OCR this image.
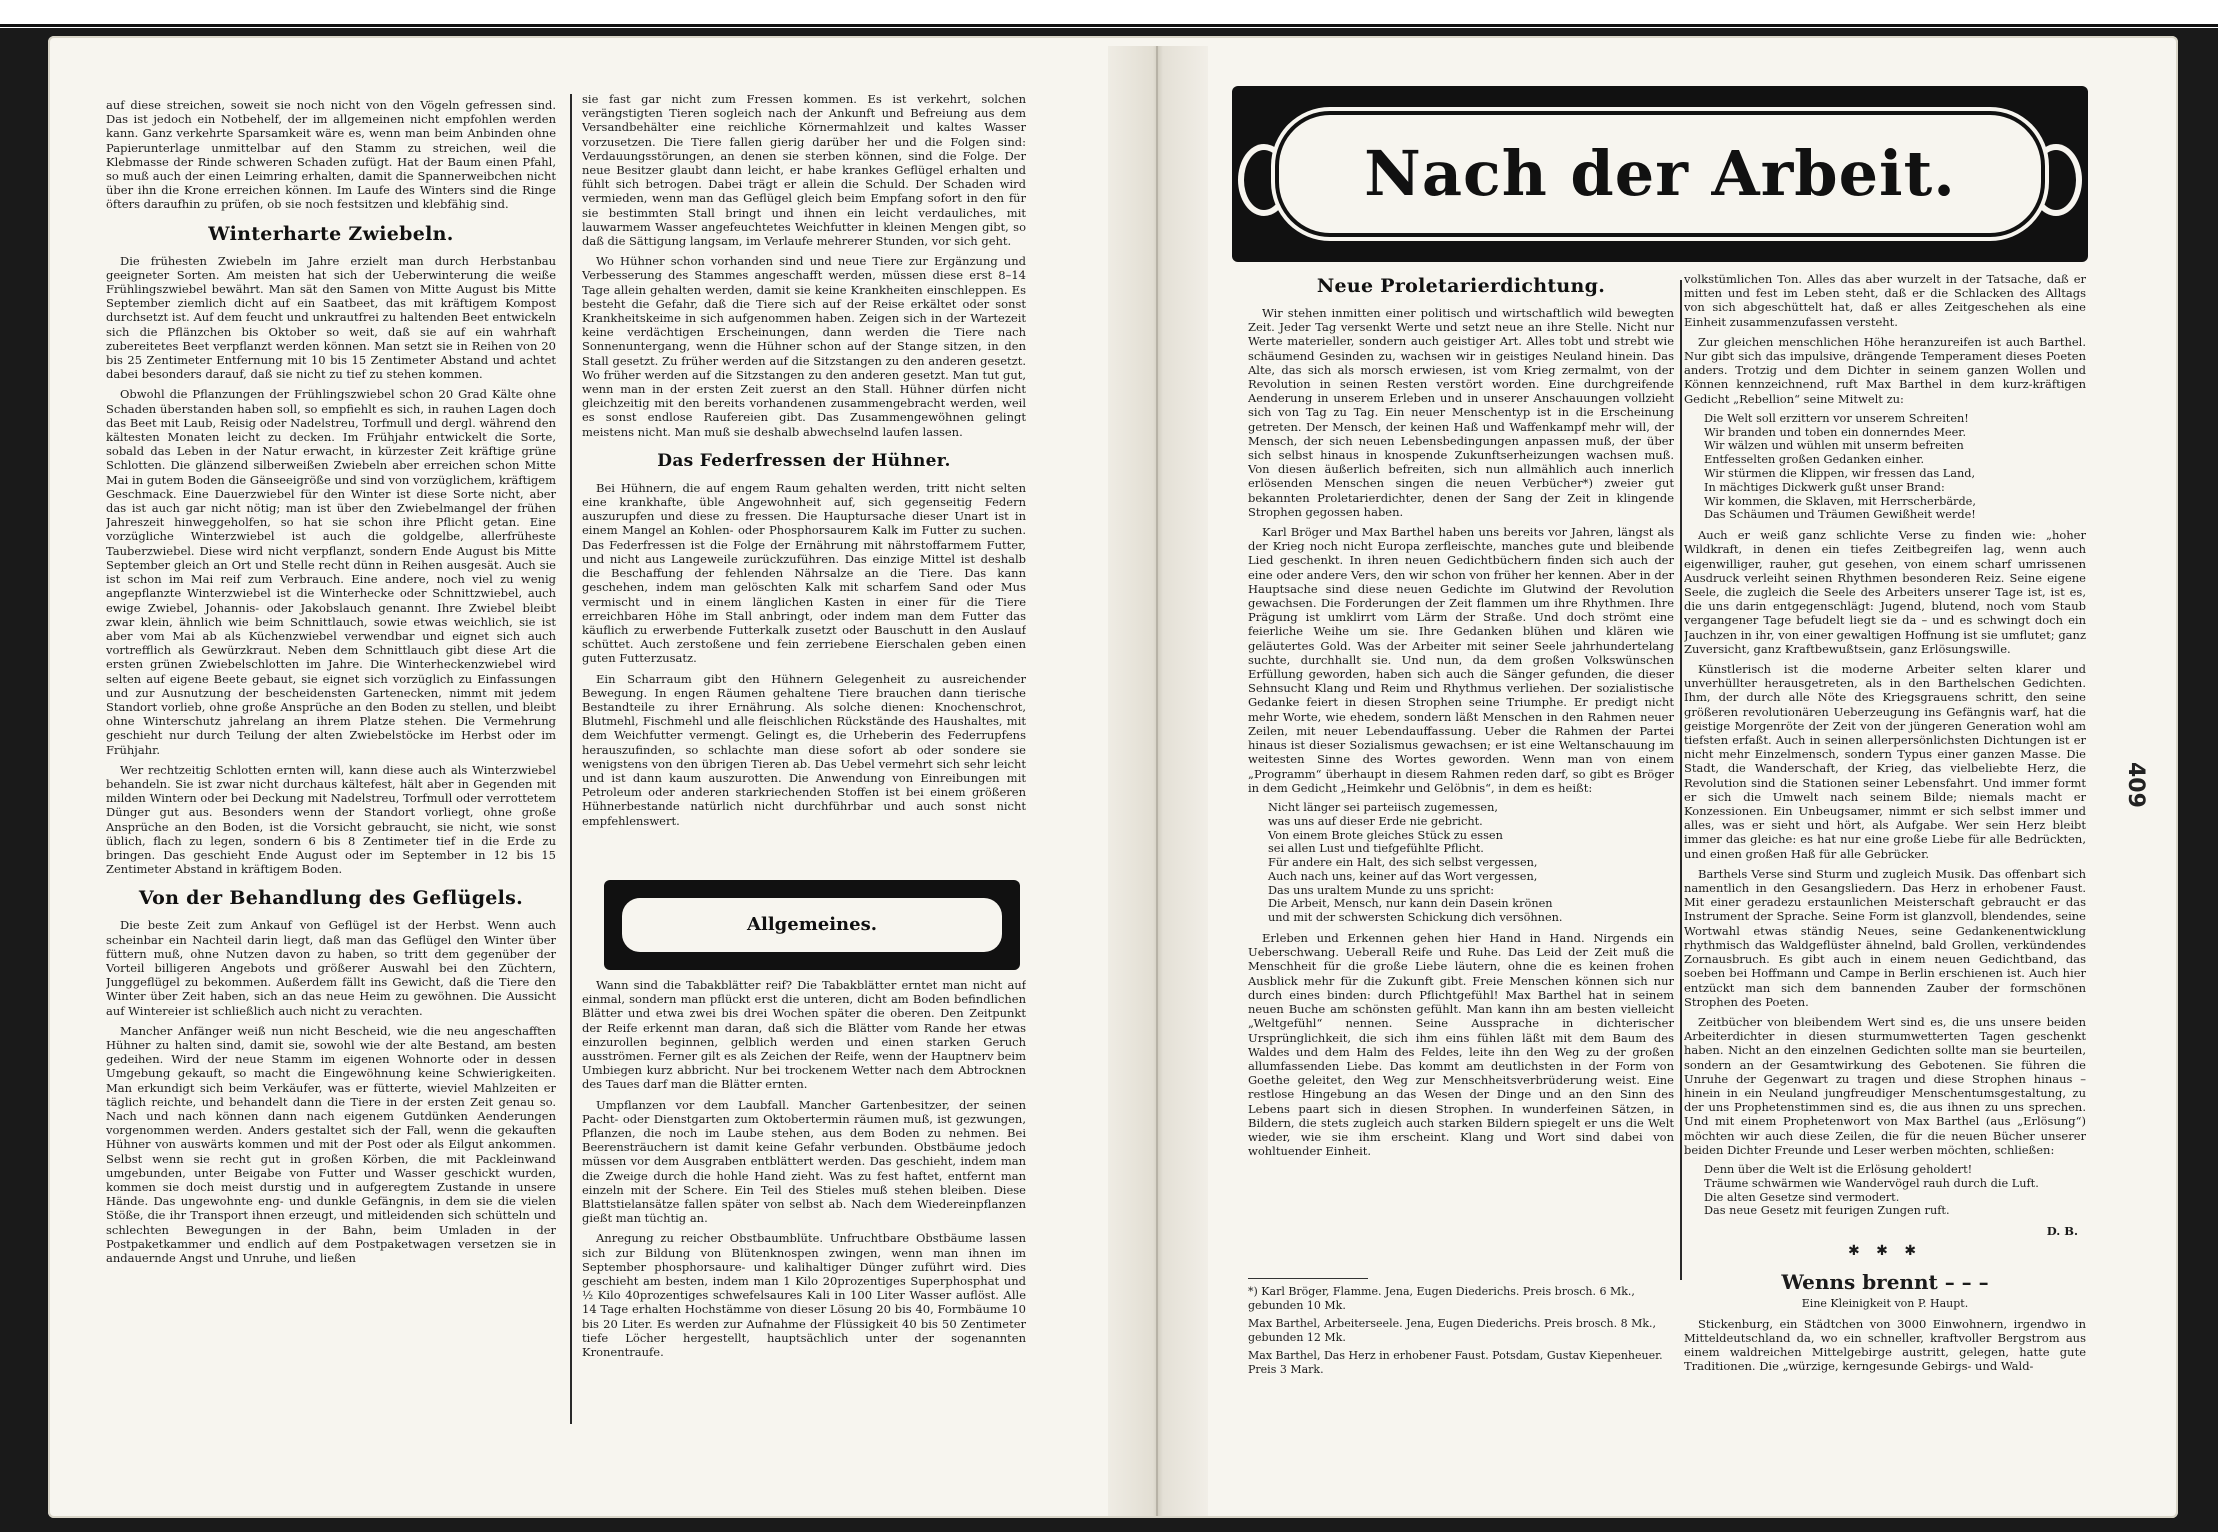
auf diese streichen, soweit sie noch nicht von den Vögeln gefressen sind. Das ist jedoch ein Notbehelf, der im allgemeinen nicht empfohlen werden kann. Ganz verkehrte Sparsamkeit wäre es, wenn man beim Anbinden ohne Papierunterlage unmittelbar auf den Stamm zu streichen, weil die Klebmasse der Rinde schweren Schaden zufügt. Hat der Baum einen Pfahl, so muß auch der einen Leimring erhalten, damit die Spannerweibchen nicht über ihn die Krone erreichen können. Im Laufe des Winters sind die Ringe öfters daraufhin zu prüfen, ob sie noch festsitzen und klebfähig sind.

Winterharte Zwiebeln.

Die frühesten Zwiebeln im Jahre erzielt man durch Herbstanbau geeigneter Sorten. Am meisten hat sich der Ueberwinterung die weiße Frühlingszwiebel bewährt. Man sät den Samen von Mitte August bis Mitte September ziemlich dicht auf ein Saatbeet, das mit kräftigem Kompost durchsetzt ist. Auf dem feucht und unkrautfrei zu haltenden Beet entwickeln sich die Pflänzchen bis Oktober so weit, daß sie auf ein wahrhaft zubereitetes Beet verpflanzt werden können. Man setzt sie in Reihen von 20 bis 25 Zentimeter Entfernung mit 10 bis 15 Zentimeter Abstand und achtet dabei besonders darauf, daß sie nicht zu tief zu stehen kommen.

Obwohl die Pflanzungen der Frühlingszwiebel schon 20 Grad Kälte ohne Schaden überstanden haben soll, so empfiehlt es sich, in rauhen Lagen doch das Beet mit Laub, Reisig oder Nadelstreu, Torfmull und dergl. während den kältesten Monaten leicht zu decken. Im Frühjahr entwickelt die Sorte, sobald das Leben in der Natur erwacht, in kürzester Zeit kräftige grüne Schlotten. Die glänzend silberweißen Zwiebeln aber erreichen schon Mitte Mai in gutem Boden die Gänseeigröße und sind von vorzüglichem, kräftigem Geschmack. Eine Dauerzwiebel für den Winter ist diese Sorte nicht, aber das ist auch gar nicht nötig; man ist über den Zwiebelmangel der frühen Jahreszeit hinweggeholfen, so hat sie schon ihre Pflicht getan. Eine vorzügliche Winterzwiebel ist auch die goldgelbe, allerfrüheste Tauberzwiebel. Diese wird nicht verpflanzt, sondern Ende August bis Mitte September gleich an Ort und Stelle recht dünn in Reihen ausgesät. Auch sie ist schon im Mai reif zum Verbrauch. Eine andere, noch viel zu wenig angepflanzte Winterzwiebel ist die Winterhecke oder Schnittzwiebel, auch ewige Zwiebel, Johannis- oder Jakobslauch genannt. Ihre Zwiebel bleibt zwar klein, ähnlich wie beim Schnittlauch, sowie etwas weichlich, sie ist aber vom Mai ab als Küchenzwiebel verwendbar und eignet sich auch vortrefflich als Gewürzkraut. Neben dem Schnittlauch gibt diese Art die ersten grünen Zwiebelschlotten im Jahre. Die Winterheckenzwiebel wird selten auf eigene Beete gebaut, sie eignet sich vorzüglich zu Einfassungen und zur Ausnutzung der bescheidensten Gartenecken, nimmt mit jedem Standort vorlieb, ohne große Ansprüche an den Boden zu stellen, und bleibt ohne Winterschutz jahrelang an ihrem Platze stehen. Die Vermehrung geschieht nur durch Teilung der alten Zwiebelstöcke im Herbst oder im Frühjahr.

Wer rechtzeitig Schlotten ernten will, kann diese auch als Winterzwiebel behandeln. Sie ist zwar nicht durchaus kältefest, hält aber in Gegenden mit milden Wintern oder bei Deckung mit Nadelstreu, Torfmull oder verrottetem Dünger gut aus. Besonders wenn der Standort vorliegt, ohne große Ansprüche an den Boden, ist die Vorsicht gebraucht, sie nicht, wie sonst üblich, flach zu legen, sondern 6 bis 8 Zentimeter tief in die Erde zu bringen. Das geschieht Ende August oder im September in 12 bis 15 Zentimeter Abstand in kräftigem Boden.

Von der Behandlung des Geflügels.

Die beste Zeit zum Ankauf von Geflügel ist der Herbst. Wenn auch scheinbar ein Nachteil darin liegt, daß man das Geflügel den Winter über füttern muß, ohne Nutzen davon zu haben, so tritt dem gegenüber der Vorteil billigeren Angebots und größerer Auswahl bei den Züchtern, Junggeflügel zu bekommen. Außerdem fällt ins Gewicht, daß die Tiere den Winter über Zeit haben, sich an das neue Heim zu gewöhnen. Die Aussicht auf Wintereier ist schließlich auch nicht zu verachten.

Mancher Anfänger weiß nun nicht Bescheid, wie die neu angeschafften Hühner zu halten sind, damit sie, sowohl wie der alte Bestand, am besten gedeihen. Wird der neue Stamm im eigenen Wohnorte oder in dessen Umgebung gekauft, so macht die Eingewöhnung keine Schwierigkeiten. Man erkundigt sich beim Verkäufer, was er fütterte, wieviel Mahlzeiten er täglich reichte, und behandelt dann die Tiere in der ersten Zeit genau so. Nach und nach können dann nach eigenem Gutdünken Aenderungen vorgenommen werden. Anders gestaltet sich der Fall, wenn die gekauften Hühner von auswärts kommen und mit der Post oder als Eilgut ankommen. Selbst wenn sie recht gut in großen Körben, die mit Packleinwand umgebunden, unter Beigabe von Futter und Wasser geschickt wurden, kommen sie doch meist durstig und in aufgeregtem Zustande in unsere Hände. Das ungewohnte eng- und dunkle Gefängnis, in dem sie die vielen Stöße, die ihr Transport ihnen erzeugt, und mitleidenden sich schütteln und schlechten Bewegungen in der Bahn, beim Umladen in der Postpaketkammer und endlich auf dem Postpaketwagen versetzen sie in andauernde Angst und Unruhe, und ließen

sie fast gar nicht zum Fressen kommen. Es ist verkehrt, solchen verängstigten Tieren sogleich nach der Ankunft und Befreiung aus dem Versandbehälter eine reichliche Körnermahlzeit und kaltes Wasser vorzusetzen. Die Tiere fallen gierig darüber her und die Folgen sind: Verdauungsstörungen, an denen sie sterben können, sind die Folge. Der neue Besitzer glaubt dann leicht, er habe krankes Geflügel erhalten und fühlt sich betrogen. Dabei trägt er allein die Schuld. Der Schaden wird vermieden, wenn man das Geflügel gleich beim Empfang sofort in den für sie bestimmten Stall bringt und ihnen ein leicht verdauliches, mit lauwarmem Wasser angefeuchtetes Weichfutter in kleinen Mengen gibt, so daß die Sättigung langsam, im Verlaufe mehrerer Stunden, vor sich geht.

Wo Hühner schon vorhanden sind und neue Tiere zur Ergänzung und Verbesserung des Stammes angeschafft werden, müssen diese erst 8–14 Tage allein gehalten werden, damit sie keine Krankheiten einschleppen. Es besteht die Gefahr, daß die Tiere sich auf der Reise erkältet oder sonst Krankheitskeime in sich aufgenommen haben. Zeigen sich in der Wartezeit keine verdächtigen Erscheinungen, dann werden die Tiere nach Sonnenuntergang, wenn die Hühner schon auf der Stange sitzen, in den Stall gesetzt. Zu früher werden auf die Sitzstangen zu den anderen gesetzt. Wo früher werden auf die Sitzstangen zu den anderen gesetzt. Man tut gut, wenn man in der ersten Zeit zuerst an den Stall. Hühner dürfen nicht gleichzeitig mit den bereits vorhandenen zusammengebracht werden, weil es sonst endlose Raufereien gibt. Das Zusammengewöhnen gelingt meistens nicht. Man muß sie deshalb abwechselnd laufen lassen.

Das Federfressen der Hühner.

Bei Hühnern, die auf engem Raum gehalten werden, tritt nicht selten eine krankhafte, üble Angewohnheit auf, sich gegenseitig Federn auszurupfen und diese zu fressen. Die Hauptursache dieser Unart ist in einem Mangel an Kohlen- oder Phosphorsaurem Kalk im Futter zu suchen. Das Federfressen ist die Folge der Ernährung mit nährstoffarmem Futter, und nicht aus Langeweile zurückzuführen. Das einzige Mittel ist deshalb die Beschaffung der fehlenden Nährsalze an die Tiere. Das kann geschehen, indem man gelöschten Kalk mit scharfem Sand oder Mus vermischt und in einem länglichen Kasten in einer für die Tiere erreichbaren Höhe im Stall anbringt, oder indem man dem Futter das käuflich zu erwerbende Futterkalk zusetzt oder Bauschutt in den Auslauf schüttet. Auch zerstoßene und fein zerriebene Eierschalen geben einen guten Futterzusatz.

Ein Scharraum gibt den Hühnern Gelegenheit zu ausreichender Bewegung. In engen Räumen gehaltene Tiere brauchen dann tierische Bestandteile zu ihrer Ernährung. Als solche dienen: Knochenschrot, Blutmehl, Fischmehl und alle fleischlichen Rückstände des Haushaltes, mit dem Weichfutter vermengt. Gelingt es, die Urheberin des Federrupfens herauszufinden, so schlachte man diese sofort ab oder sondere sie wenigstens von den übrigen Tieren ab. Das Uebel vermehrt sich sehr leicht und ist dann kaum auszurotten. Die Anwendung von Einreibungen mit Petroleum oder anderen starkriechenden Stoffen ist bei einem größeren Hühnerbestande natürlich nicht durchführbar und auch sonst nicht empfehlenswert.

Allgemeines.

Wann sind die Tabakblätter reif? Die Tabakblätter erntet man nicht auf einmal, sondern man pflückt erst die unteren, dicht am Boden befindlichen Blätter und etwa zwei bis drei Wochen später die oberen. Den Zeitpunkt der Reife erkennt man daran, daß sich die Blätter vom Rande her etwas einzurollen beginnen, gelblich werden und einen starken Geruch ausströmen. Ferner gilt es als Zeichen der Reife, wenn der Hauptnerv beim Umbiegen kurz abbricht. Nur bei trockenem Wetter nach dem Abtrocknen des Taues darf man die Blätter ernten.

Umpflanzen vor dem Laubfall. Mancher Gartenbesitzer, der seinen Pacht- oder Dienstgarten zum Oktobertermin räumen muß, ist gezwungen, Pflanzen, die noch im Laube stehen, aus dem Boden zu nehmen. Bei Beerensträuchern ist damit keine Gefahr verbunden. Obstbäume jedoch müssen vor dem Ausgraben entblättert werden. Das geschieht, indem man die Zweige durch die hohle Hand zieht. Was zu fest haftet, entfernt man einzeln mit der Schere. Ein Teil des Stieles muß stehen bleiben. Diese Blattstielansätze fallen später von selbst ab. Nach dem Wiedereinpflanzen gießt man tüchtig an.

Anregung zu reicher Obstbaumblüte. Unfruchtbare Obstbäume lassen sich zur Bildung von Blütenknospen zwingen, wenn man ihnen im September phosphorsaure- und kalihaltiger Dünger zuführt wird. Dies geschieht am besten, indem man 1 Kilo 20prozentiges Superphosphat und ½ Kilo 40prozentiges schwefelsaures Kali in 100 Liter Wasser auflöst. Alle 14 Tage erhalten Hochstämme von dieser Lösung 20 bis 40, Formbäume 10 bis 20 Liter. Es werden zur Aufnahme der Flüssigkeit 40 bis 50 Zentimeter tiefe Löcher hergestellt, hauptsächlich unter der sogenannten Kronentraufe.

Nach der Arbeit.
Neue Proletarierdichtung.

Wir stehen inmitten einer politisch und wirtschaftlich wild bewegten Zeit. Jeder Tag versenkt Werte und setzt neue an ihre Stelle. Nicht nur Werte materieller, sondern auch geistiger Art. Alles tobt und strebt wie schäumend Gesinden zu, wachsen wir in geistiges Neuland hinein. Das Alte, das sich als morsch erwiesen, ist vom Krieg zermalmt, von der Revolution in seinen Resten verstört worden. Eine durchgreifende Aenderung in unserem Erleben und in unserer Anschauungen vollzieht sich von Tag zu Tag. Ein neuer Menschentyp ist in die Erscheinung getreten. Der Mensch, der keinen Haß und Waffenkampf mehr will, der Mensch, der sich neuen Lebensbedingungen anpassen muß, der über sich selbst hinaus in knospende Zukunftserheizungen wachsen muß. Von diesen äußerlich befreiten, sich nun allmählich auch innerlich erlösenden Menschen singen die neuen Verbücher*) zweier gut bekannten Proletarierdichter, denen der Sang der Zeit in klingende Strophen gegossen haben.

Karl Bröger und Max Barthel haben uns bereits vor Jahren, längst als der Krieg noch nicht Europa zerfleischte, manches gute und bleibende Lied geschenkt. In ihren neuen Gedichtbüchern finden sich auch der eine oder andere Vers, den wir schon von früher her kennen. Aber in der Hauptsache sind diese neuen Gedichte im Glutwind der Revolution gewachsen. Die Forderungen der Zeit flammen um ihre Rhythmen. Ihre Prägung ist umklirrt vom Lärm der Straße. Und doch strömt eine feierliche Weihe um sie. Ihre Gedanken blühen und klären wie geläutertes Gold. Was der Arbeiter mit seiner Seele jahrhundertelang suchte, durchhallt sie. Und nun, da dem großen Volkswünschen Erfüllung geworden, haben sich auch die Sänger gefunden, die dieser Sehnsucht Klang und Reim und Rhythmus verliehen. Der sozialistische Gedanke feiert in diesen Strophen seine Triumphe. Er predigt nicht mehr Worte, wie ehedem, sondern läßt Menschen in den Rahmen neuer Zeilen, mit neuer Lebendauffassung. Ueber die Rahmen der Partei hinaus ist dieser Sozialismus gewachsen; er ist eine Weltanschauung im weitesten Sinne des Wortes geworden. Wenn man von einem „Programm“ überhaupt in diesem Rahmen reden darf, so gibt es Bröger in dem Gedicht „Heimkehr und Gelöbnis“, in dem es heißt:

Nicht länger sei parteiisch zugemessen,
was uns auf dieser Erde nie gebricht.
Von einem Brote gleiches Stück zu essen
sei allen Lust und tiefgefühlte Pflicht.
Für andere ein Halt, des sich selbst vergessen,
Auch nach uns, keiner auf das Wort vergessen,
Das uns uraltem Munde zu uns spricht:
Die Arbeit, Mensch, nur kann dein Dasein krönen
und mit der schwersten Schickung dich versöhnen.

Erleben und Erkennen gehen hier Hand in Hand. Nirgends ein Ueberschwang. Ueberall Reife und Ruhe. Das Leid der Zeit muß die Menschheit für die große Liebe läutern, ohne die es keinen frohen Ausblick mehr für die Zukunft gibt. Freie Menschen können sich nur durch eines binden: durch Pflichtgefühl! Max Barthel hat in seinem neuen Buche am schönsten gefühlt. Man kann ihn am besten vielleicht „Weltgefühl“ nennen. Seine Aussprache in dichterischer Ursprünglichkeit, die sich ihm eins fühlen läßt mit dem Baum des Waldes und dem Halm des Feldes, leite ihn den Weg zu der großen allumfassenden Liebe. Das kommt am deutlichsten in der Form von Goethe geleitet, den Weg zur Menschheitsverbrüderung weist. Eine restlose Hingebung an das Wesen der Dinge und an den Sinn des Lebens paart sich in diesen Strophen. In wunderfeinen Sätzen, in Bildern, die stets zugleich auch starken Bildern spiegelt er uns die Welt wieder, wie sie ihm erscheint. Klang und Wort sind dabei von wohltuender Einheit.

*) Karl Bröger, Flamme. Jena, Eugen Diederichs. Preis brosch. 6 Mk., gebunden 10 Mk.

Max Barthel, Arbeiterseele. Jena, Eugen Diederichs. Preis brosch. 8 Mk., gebunden 12 Mk.

Max Barthel, Das Herz in erhobener Faust. Potsdam, Gustav Kiepenheuer. Preis 3 Mark.

volkstümlichen Ton. Alles das aber wurzelt in der Tatsache, daß er mitten und fest im Leben steht, daß er die Schlacken des Alltags von sich abgeschüttelt hat, daß er alles Zeitgeschehen als eine Einheit zusammenzufassen versteht.

Zur gleichen menschlichen Höhe heranzureifen ist auch Barthel. Nur gibt sich das impulsive, drängende Temperament dieses Poeten anders. Trotzig und dem Dichter in seinem ganzen Wollen und Können kennzeichnend, ruft Max Barthel in dem kurz-kräftigen Gedicht „Rebellion“ seine Mitwelt zu:

Die Welt soll erzittern vor unserem Schreiten!
Wir branden und toben ein donnerndes Meer.
Wir wälzen und wühlen mit unserm befreiten
Entfesselten großen Gedanken einher.
Wir stürmen die Klippen, wir fressen das Land,
In mächtiges Dickwerk gußt unser Brand:
Wir kommen, die Sklaven, mit Herrscherbärde,
Das Schäumen und Träumen Gewißheit werde!

Auch er weiß ganz schlichte Verse zu finden wie: „hoher Wildkraft, in denen ein tiefes Zeitbegreifen lag, wenn auch eigenwilliger, rauher, gut gesehen, von einem scharf umrissenen Ausdruck verleiht seinen Rhythmen besonderen Reiz. Seine eigene Seele, die zugleich die Seele des Arbeiters unserer Tage ist, ist es, die uns darin entgegenschlägt: Jugend, blutend, noch vom Staub vergangener Tage befudelt liegt sie da – und es schwingt doch ein Jauchzen in ihr, von einer gewaltigen Hoffnung ist sie umflutet; ganz Zuversicht, ganz Kraftbewußtsein, ganz Erlösungswille.

Künstlerisch ist die moderne Arbeiter selten klarer und unverhüllter herausgetreten, als in den Barthelschen Gedichten. Ihm, der durch alle Nöte des Kriegsgrauens schritt, den seine größeren revolutionären Ueberzeugung ins Gefängnis warf, hat die geistige Morgenröte der Zeit von der jüngeren Generation wohl am tiefsten erfaßt. Auch in seinen allerpersönlichsten Dichtungen ist er nicht mehr Einzelmensch, sondern Typus einer ganzen Masse. Die Stadt, die Wanderschaft, der Krieg, das vielbeliebte Herz, die Revolution sind die Stationen seiner Lebensfahrt. Und immer formt er sich die Umwelt nach seinem Bilde; niemals macht er Konzessionen. Ein Unbeugsamer, nimmt er sich selbst immer und alles, was er sieht und hört, als Aufgabe. Wer sein Herz bleibt immer das gleiche: es hat nur eine große Liebe für alle Bedrückten, und einen großen Haß für alle Gebrücker.

Barthels Verse sind Sturm und zugleich Musik. Das offenbart sich namentlich in den Gesangsliedern. Das Herz in erhobener Faust. Mit einer geradezu erstaunlichen Meisterschaft gebraucht er das Instrument der Sprache. Seine Form ist glanzvoll, blendendes, seine Wortwahl etwas ständig Neues, seine Gedankenentwicklung rhythmisch das Waldgeflüster ähnelnd, bald Grollen, verkündendes Zornausbruch. Es gibt auch in einem neuen Gedichtband, das soeben bei Hoffmann und Campe in Berlin erschienen ist. Auch hier entzückt man sich dem bannenden Zauber der formschönen Strophen des Poeten.

Zeitbücher von bleibendem Wert sind es, die uns unsere beiden Arbeiterdichter in diesen sturmumwetterten Tagen geschenkt haben. Nicht an den einzelnen Gedichten sollte man sie beurteilen, sondern an der Gesamtwirkung des Gebotenen. Sie führen die Unruhe der Gegenwart zu tragen und diese Strophen hinaus – hinein in ein Neuland jungfreudiger Menschentumsgestaltung, zu der uns Prophetenstimmen sind es, die aus ihnen zu uns sprechen. Und mit einem Prophetenwort von Max Barthel (aus „Erlösung“) möchten wir auch diese Zeilen, die für die neuen Bücher unserer beiden Dichter Freunde und Leser werben möchten, schließen:

Denn über die Welt ist die Erlösung geholdert!
Träume schwärmen wie Wandervögel rauh durch die Luft.
Die alten Gesetze sind vermodert.
Das neue Gesetz mit feurigen Zungen ruft.
D. B.
✱ ✱ ✱
Wenns brennt – – –

Eine Kleinigkeit von P. Haupt.

Stickenburg, ein Städtchen von 3000 Einwohnern, irgendwo in Mitteldeutschland da, wo ein schneller, kraftvoller Bergstrom aus einem waldreichen Mittelgebirge austritt, gelegen, hatte gute Traditionen. Die „würzige, kerngesunde Gebirgs- und Wald-

409
